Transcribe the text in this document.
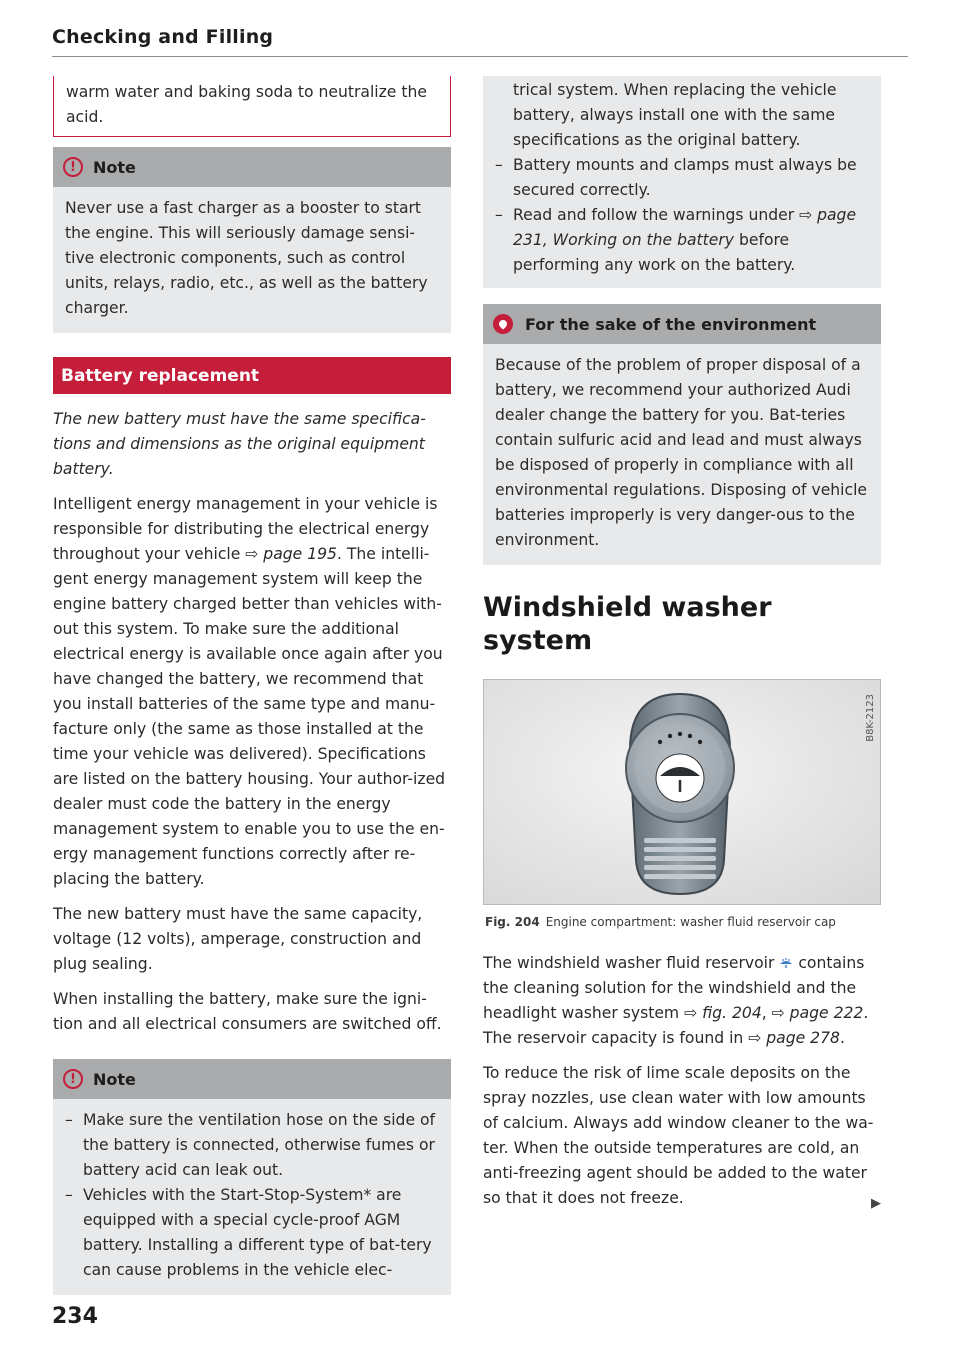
Checking and Filling
warm water and baking soda to neutralize the acid.
!	Note
Never use a fast charger as a booster to start the engine. This will seriously damage sensi-tive electronic components, such as control units, relays, radio, etc., as well as the battery charger.
Battery replacement

The new battery must have the same specifica-tions and dimensions as the original equipment battery.

Intelligent energy management in your vehicle is responsible for distributing the electrical energy throughout your vehicle ⇨ page 195. The intelli-gent energy management system will keep the engine battery charged better than vehicles with-out this system. To make sure the additional electrical energy is available once again after you have changed the battery, we recommend that you install batteries of the same type and manu-facture only (the same as those installed at the time your vehicle was delivered). Specifications are listed on the battery housing. Your author-ized dealer must code the battery in the energy management system to enable you to use the en-ergy management functions correctly after re-placing the battery.

The new battery must have the same capacity, voltage (12 volts), amperage, construction and plug sealing.

When installing the battery, make sure the igni-tion and all electrical consumers are switched off.

!	Note
– Make sure the ventilation hose on the side of the battery is connected, otherwise fumes or battery acid can leak out.
– Vehicles with the Start-Stop-System* are equipped with a special cycle-proof AGM battery. Installing a different type of bat-tery can cause problems in the vehicle elec-
trical system. When replacing the vehicle battery, always install one with the same specifications as the original battery.
– Battery mounts and clamps must always be secured correctly.
– Read and follow the warnings under ⇨ page 231, Working on the battery before performing any work on the battery.
For the sake of the environment
Because of the problem of proper disposal of a battery, we recommend your authorized Audi dealer change the battery for you. Bat-teries contain sulfuric acid and lead and must always be disposed of properly in compliance with all environmental regulations. Disposing of vehicle batteries improperly is very danger-ous to the environment.
Windshield washer system
B8K-2123
Fig. 204 Engine compartment: washer fluid reservoir cap

The windshield washer fluid reservoir  contains the cleaning solution for the windshield and the headlight washer system ⇨ fig. 204, ⇨ page 222. The reservoir capacity is found in ⇨ page 278.

To reduce the risk of lime scale deposits on the spray nozzles, use clean water with low amounts of calcium. Always add window cleaner to the wa-ter. When the outside temperatures are cold, an anti-freezing agent should be added to the water so that it does not freeze.	▶

234
